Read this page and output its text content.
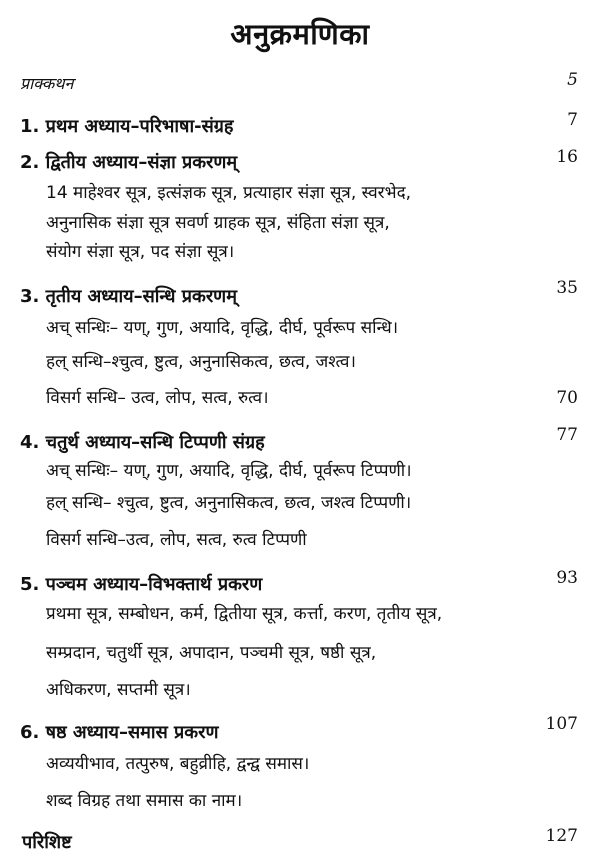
अनुक्रमणिका
प्राक्कथन	5
1. प्रथम अध्याय–परिभाषा-संग्रह	7
2. द्वितीय अध्याय–संज्ञा प्रकरणम्	16
14 माहेश्वर सूत्र, इत्संज्ञक सूत्र, प्रत्याहार संज्ञा सूत्र, स्वरभेद,
अनुनासिक संज्ञा सूत्र सवर्ण ग्राहक सूत्र, संहिता संज्ञा सूत्र,
संयोग संज्ञा सूत्र, पद संज्ञा सूत्र।
3. तृतीय अध्याय–सन्धि प्रकरणम्	35
अच् सन्धिः– यण्, गुण, अयादि, वृद्धि, दीर्घ, पूर्वरूप सन्धि।
हल् सन्धि–श्चुत्व, ष्टुत्व, अनुनासिकत्व, छत्व, जश्त्व।
विसर्ग सन्धि– उत्व, लोप, सत्व, रुत्व।	70
4. चतुर्थ अध्याय–सन्धि टिप्पणी संग्रह	77
अच् सन्धिः– यण्, गुण, अयादि, वृद्धि, दीर्घ, पूर्वरूप टिप्पणी।
हल् सन्धि– श्चुत्व, ष्टुत्व, अनुनासिकत्व, छत्व, जश्त्व टिप्पणी।
विसर्ग सन्धि–उत्व, लोप, सत्व, रुत्व टिप्पणी
5. पञ्चम अध्याय–विभक्तार्थ प्रकरण	93
प्रथमा सूत्र, सम्बोधन, कर्म, द्वितीया सूत्र, कर्त्ता, करण, तृतीय सूत्र,
सम्प्रदान, चतुर्थी सूत्र, अपादान, पञ्चमी सूत्र, षष्ठी सूत्र,
अधिकरण, सप्तमी सूत्र।
6. षष्ठ अध्याय–समास प्रकरण	107
अव्ययीभाव, तत्पुरुष, बहुव्रीहि, द्वन्द्व समास।
शब्द विग्रह तथा समास का नाम।
परिशिष्ट	127
